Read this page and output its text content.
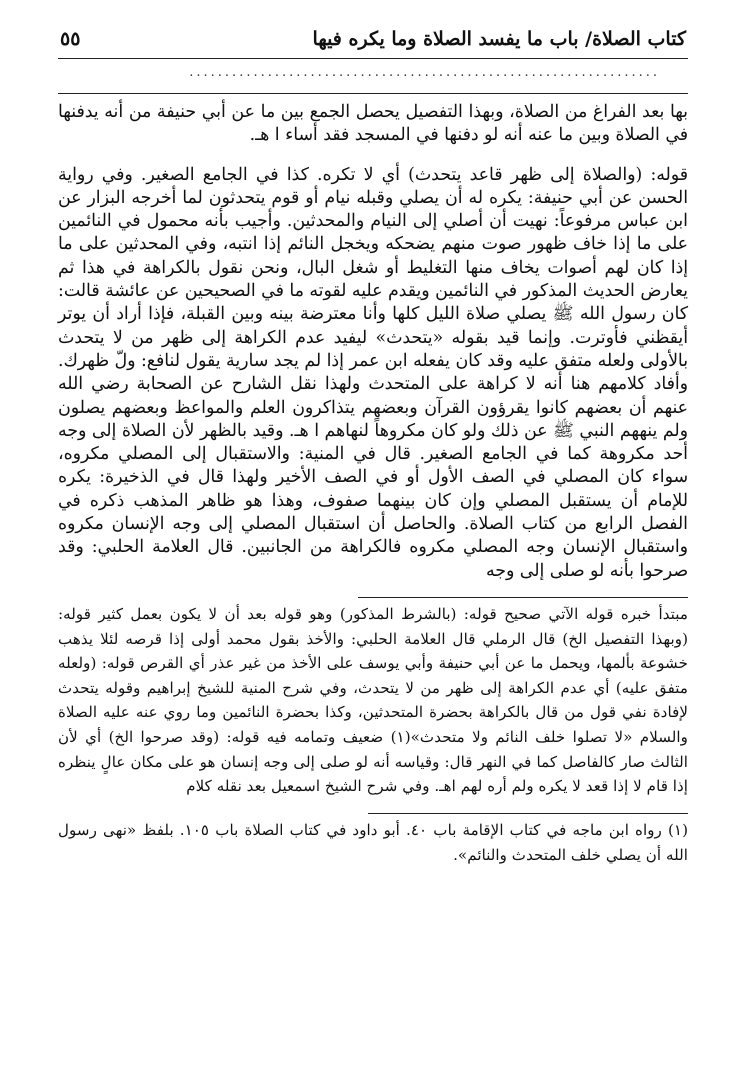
كتاب الصلاة/ باب ما يفسد الصلاة وما يكره فيها
٥٥
..................................................................

بها بعد الفراغ من الصلاة، وبهذا التفصيل يحصل الجمع بين ما عن أبي حنيفة من أنه يدفنها في الصلاة وبين ما عنه أنه لو دفنها في المسجد فقد أساء ا هـ.

قوله: (والصلاة إلى ظهر قاعد يتحدث) أي لا تكره. كذا في الجامع الصغير. وفي رواية الحسن عن أبي حنيفة: يكره له أن يصلي وقبله نيام أو قوم يتحدثون لما أخرجه البزار عن ابن عباس مرفوعاً: نهيت أن أصلي إلى النيام والمحدثين. وأجيب بأنه محمول في النائمين على ما إذا خاف ظهور صوت منهم يضحكه ويخجل النائم إذا انتبه، وفي المحدثين على ما إذا كان لهم أصوات يخاف منها التغليط أو شغل البال، ونحن نقول بالكراهة في هذا ثم يعارض الحديث المذكور في النائمين ويقدم عليه لقوته ما في الصحيحين عن عائشة قالت: كان رسول الله ﷺ يصلي صلاة الليل كلها وأنا معترضة بينه وبين القبلة، فإذا أراد أن يوتر أيقظني فأوترت. وإنما قيد بقوله «يتحدث» ليفيد عدم الكراهة إلى ظهر من لا يتحدث بالأولى ولعله متفق عليه وقد كان يفعله ابن عمر إذا لم يجد سارية يقول لنافع: ولّ ظهرك. وأفاد كلامهم هنا أنه لا كراهة على المتحدث ولهذا نقل الشارح عن الصحابة رضي الله عنهم أن بعضهم كانوا يقرؤون القرآن وبعضهم يتذاكرون العلم والمواعظ وبعضهم يصلون ولم ينههم النبي ﷺ عن ذلك ولو كان مكروهاً لنهاهم ا هـ. وقيد بالظهر لأن الصلاة إلى وجه أحد مكروهة كما في الجامع الصغير. قال في المنية: والاستقبال إلى المصلي مكروه، سواء كان المصلي في الصف الأول أو في الصف الأخير ولهذا قال في الذخيرة: يكره للإمام أن يستقبل المصلي وإن كان بينهما صفوف، وهذا هو ظاهر المذهب ذكره في الفصل الرابع من كتاب الصلاة. والحاصل أن استقبال المصلي إلى وجه الإنسان مكروه واستقبال الإنسان وجه المصلي مكروه فالكراهة من الجانبين. قال العلامة الحلبي: وقد صرحوا بأنه لو صلى إلى وجه

مبتدأ خبره قوله الآتي صحيح قوله: (بالشرط المذكور) وهو قوله بعد أن لا يكون بعمل كثير قوله: (وبهذا التفصيل الخ) قال الرملي قال العلامة الحلبي: والأخذ بقول محمد أولى إذا قرصه لئلا يذهب خشوعة بألمها، ويحمل ما عن أبي حنيفة وأبي يوسف على الأخذ من غير عذر أي القرص قوله: (ولعله متفق عليه) أي عدم الكراهة إلى ظهر من لا يتحدث، وفي شرح المنية للشيخ إبراهيم وقوله يتحدث لإفادة نفي قول من قال بالكراهة بحضرة المتحدثين، وكذا بحضرة النائمين وما روي عنه عليه الصلاة والسلام «لا تصلوا خلف النائم ولا متحدث»(١) ضعيف وتمامه فيه قوله: (وقد صرحوا الخ) أي لأن الثالث صار كالفاصل كما في النهر قال: وقياسه أنه لو صلى إلى وجه إنسان هو على مكان عالٍ ينظره إذا قام لا إذا قعد لا يكره ولم أره لهم اهـ. وفي شرح الشيخ اسمعيل بعد نقله كلام

(١) رواه ابن ماجه في كتاب الإقامة باب ٤٠. أبو داود في كتاب الصلاة باب ١٠٥. بلفظ «نهى رسول الله أن يصلي خلف المتحدث والنائم».
